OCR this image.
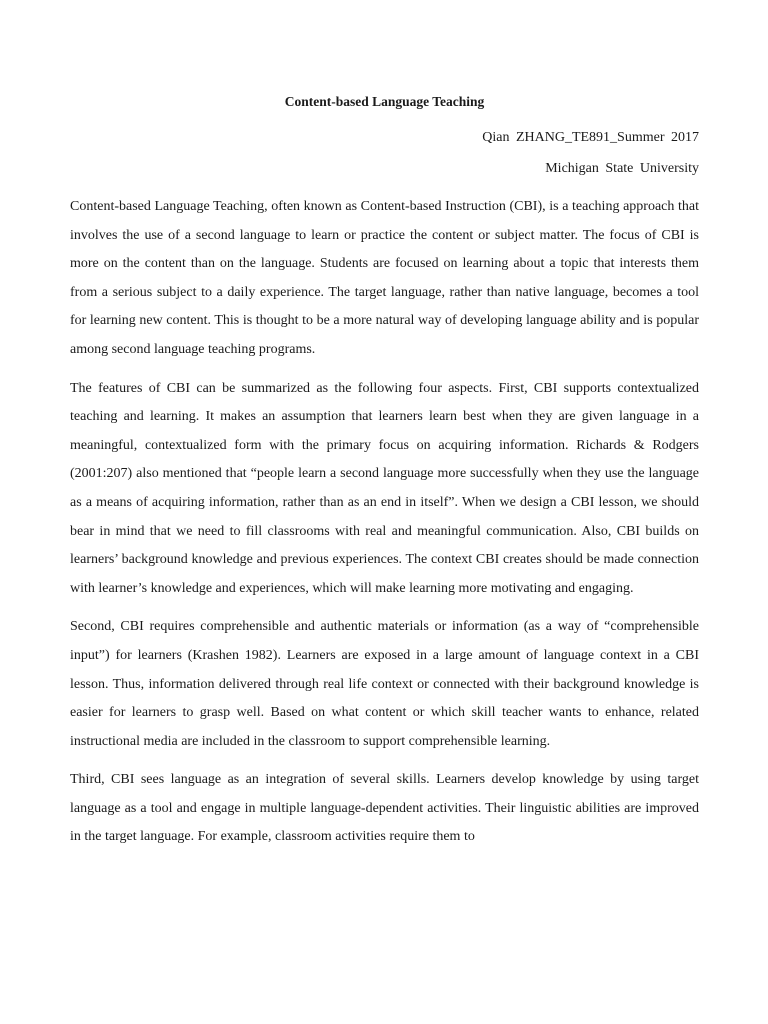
Content-based Language Teaching

Qian ZHANG_TE891_Summer 2017

Michigan State University

Content-based Language Teaching, often known as Content-based Instruction (CBI), is a teaching approach that involves the use of a second language to learn or practice the content or subject matter. The focus of CBI is more on the content than on the language. Students are focused on learning about a topic that interests them from a serious subject to a daily experience. The target language, rather than native language, becomes a tool for learning new content. This is thought to be a more natural way of developing language ability and is popular among second language teaching programs.

The features of CBI can be summarized as the following four aspects. First, CBI supports contextualized teaching and learning. It makes an assumption that learners learn best when they are given language in a meaningful, contextualized form with the primary focus on acquiring information. Richards & Rodgers (2001:207) also mentioned that “people learn a second language more successfully when they use the language as a means of acquiring information, rather than as an end in itself”. When we design a CBI lesson, we should bear in mind that we need to fill classrooms with real and meaningful communication. Also, CBI builds on learners’ background knowledge and previous experiences. The context CBI creates should be made connection with learner’s knowledge and experiences, which will make learning more motivating and engaging.

Second, CBI requires comprehensible and authentic materials or information (as a way of “comprehensible input”) for learners (Krashen 1982). Learners are exposed in a large amount of language context in a CBI lesson. Thus, information delivered through real life context or connected with their background knowledge is easier for learners to grasp well. Based on what content or which skill teacher wants to enhance, related instructional media are included in the classroom to support comprehensible learning.

Third, CBI sees language as an integration of several skills. Learners develop knowledge by using target language as a tool and engage in multiple language-dependent activities. Their linguistic abilities are improved in the target language. For example, classroom activities require them to
